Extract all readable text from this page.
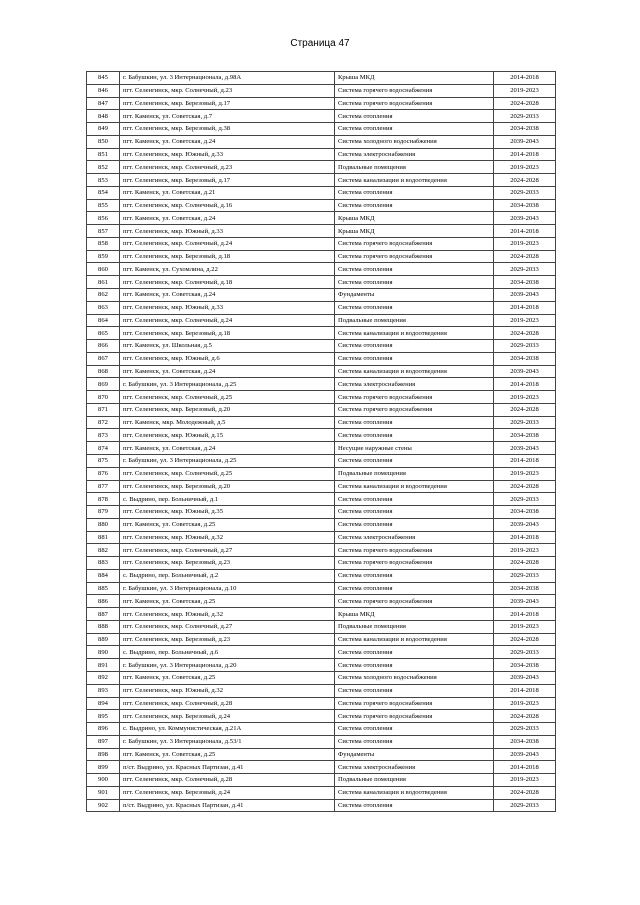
Страница 47
845	г. Бабушкин, ул. 3 Интернационала, д.98А	Крыша МКД	2014-2018
846	пгт. Селенгинск, мкр. Солнечный, д.23	Система горячего водоснабжения	2019-2023
847	пгт. Селенгинск, мкр. Березовый, д.17	Система горячего водоснабжения	2024-2028
848	пгт. Каменск, ул. Советская, д.7	Система отопления	2029-2033
849	пгт. Селенгинск, мкр. Березовый, д.38	Система отопления	2034-2038
850	пгт. Каменск, ул. Советская, д.24	Система холодного водоснабжения	2039-2043
851	пгт. Селенгинск, мкр. Южный, д.33	Система электроснабжения	2014-2018
852	пгт. Селенгинск, мкр. Солнечный, д.23	Подвальные помещения	2019-2023
853	пгт. Селенгинск, мкр. Березовый, д.17	Система канализации и водоотведения	2024-2028
854	пгт. Каменск, ул. Советская, д.21	Система отопления	2029-2033
855	пгт. Селенгинск, мкр. Солнечный, д.16	Система отопления	2034-2038
856	пгт. Каменск, ул. Советская, д.24	Крыша МКД	2039-2043
857	пгт. Селенгинск, мкр. Южный, д.33	Крыша МКД	2014-2018
858	пгт. Селенгинск, мкр. Солнечный, д.24	Система горячего водоснабжения	2019-2023
859	пгт. Селенгинск, мкр. Березовый, д.18	Система горячего водоснабжения	2024-2028
860	пгт. Каменск, ул. Сухомлина, д.22	Система отопления	2029-2033
861	пгт. Селенгинск, мкр. Солнечный, д.18	Система отопления	2034-2038
862	пгт. Каменск, ул. Советская, д.24	Фундаменты	2039-2043
863	пгт. Селенгинск, мкр. Южный, д.33	Система отопления	2014-2018
864	пгт. Селенгинск, мкр. Солнечный, д.24	Подвальные помещения	2019-2023
865	пгт. Селенгинск, мкр. Березовый, д.18	Система канализации и водоотведения	2024-2028
866	пгт. Каменск, ул. Школьная, д.5	Система отопления	2029-2033
867	пгт. Селенгинск, мкр. Южный, д.6	Система отопления	2034-2038
868	пгт. Каменск, ул. Советская, д.24	Система канализации и водоотведения	2039-2043
869	г. Бабушкин, ул. 3 Интернационала, д.25	Система электроснабжения	2014-2018
870	пгт. Селенгинск, мкр. Солнечный, д.25	Система горячего водоснабжения	2019-2023
871	пгт. Селенгинск, мкр. Березовый, д.20	Система горячего водоснабжения	2024-2028
872	пгт. Каменск, мкр. Молодежный, д.5	Система отопления	2029-2033
873	пгт. Селенгинск, мкр. Южный, д.15	Система отопления	2034-2038
874	пгт. Каменск, ул. Советская, д.24	Несущие наружные стены	2039-2043
875	г. Бабушкин, ул. 3 Интернационала, д.25	Система отопления	2014-2018
876	пгт. Селенгинск, мкр. Солнечный, д.25	Подвальные помещения	2019-2023
877	пгт. Селенгинск, мкр. Березовый, д.20	Система канализации и водоотведения	2024-2028
878	с. Выдрино, пер. Больничный, д.1	Система отопления	2029-2033
879	пгт. Селенгинск, мкр. Южный, д.35	Система отопления	2034-2038
880	пгт. Каменск, ул. Советская, д.25	Система отопления	2039-2043
881	пгт. Селенгинск, мкр. Южный, д.32	Система электроснабжения	2014-2018
882	пгт. Селенгинск, мкр. Солнечный, д.27	Система горячего водоснабжения	2019-2023
883	пгт. Селенгинск, мкр. Березовый, д.23	Система горячего водоснабжения	2024-2028
884	с. Выдрино, пер. Больничный, д.2	Система отопления	2029-2033
885	г. Бабушкин, ул. 3 Интернационала, д.10	Система отопления	2034-2038
886	пгт. Каменск, ул. Советская, д.25	Система горячего водоснабжения	2039-2043
887	пгт. Селенгинск, мкр. Южный, д.32	Крыша МКД	2014-2018
888	пгт. Селенгинск, мкр. Солнечный, д.27	Подвальные помещения	2019-2023
889	пгт. Селенгинск, мкр. Березовый, д.23	Система канализации и водоотведения	2024-2028
890	с. Выдрино, пер. Больничный, д.6	Система отопления	2029-2033
891	г. Бабушкин, ул. 3 Интернационала, д.20	Система отопления	2034-2038
892	пгт. Каменск, ул. Советская, д.25	Система холодного водоснабжения	2039-2043
893	пгт. Селенгинск, мкр. Южный, д.32	Система отопления	2014-2018
894	пгт. Селенгинск, мкр. Солнечный, д.28	Система горячего водоснабжения	2019-2023
895	пгт. Селенгинск, мкр. Березовый, д.24	Система горячего водоснабжения	2024-2028
896	с. Выдрино, ул. Коммунистическая, д.21А	Система отопления	2029-2033
897	г. Бабушкин, ул. 3 Интернационала, д.53/1	Система отопления	2034-2038
898	пгт. Каменск, ул. Советская, д.25	Фундаменты	2039-2043
899	п/ст. Выдрино, ул. Красных Партизан, д.41	Система электроснабжения	2014-2018
900	пгт. Селенгинск, мкр. Солнечный, д.28	Подвальные помещения	2019-2023
901	пгт. Селенгинск, мкр. Березовый, д.24	Система канализации и водоотведения	2024-2028
902	п/ст. Выдрино, ул. Красных Партизан, д.41	Система отопления	2029-2033
